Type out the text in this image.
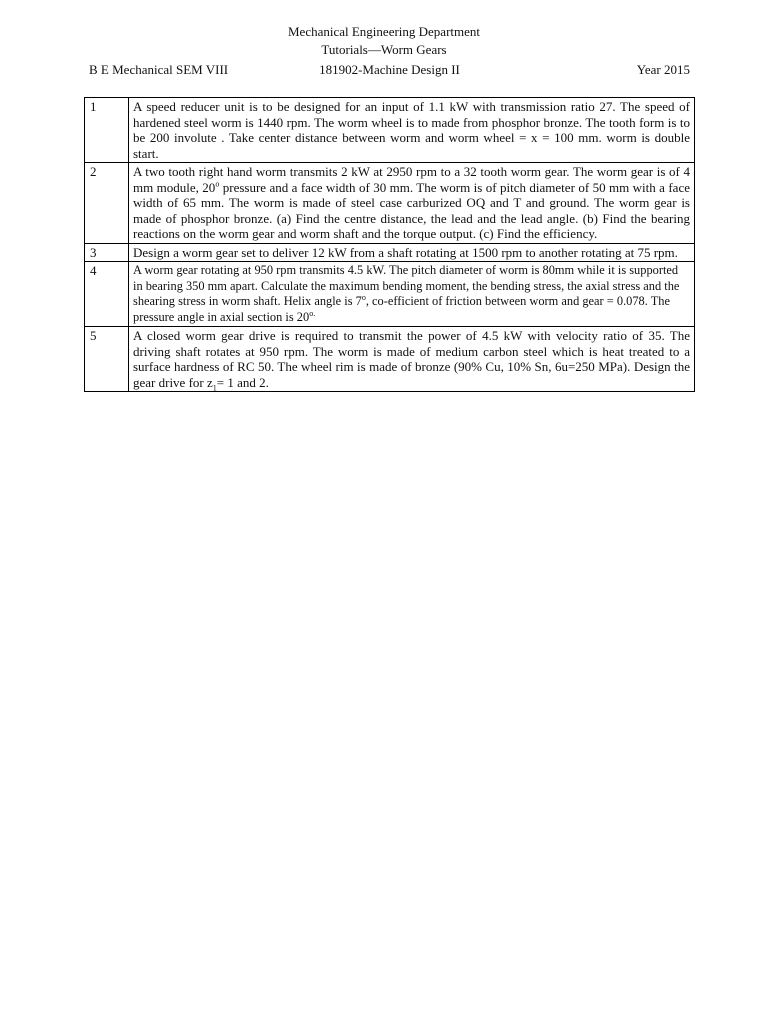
Mechanical Engineering Department
Tutorials—Worm Gears
B E Mechanical SEM VIII	181902-Machine Design II	Year 2015
1	A speed reducer unit is to be designed for an input of 1.1 kW with transmission ratio 27. The speed of hardened steel worm is 1440 rpm. The worm wheel is to made from phosphor bronze. The tooth form is to be 200 involute . Take center distance between worm and worm wheel = x = 100 mm. worm is double start.
2	A two tooth right hand worm transmits 2 kW at 2950 rpm to a 32 tooth worm gear. The worm gear is of 4 mm module, 20$^o$ pressure and a face width of 30 mm. The worm is of pitch diameter of 50 mm with a face width of 65 mm. The worm is made of steel case carburized OQ and T and ground. The worm gear is made of phosphor bronze. (a) Find the centre distance, the lead and the lead angle. (b) Find the bearing reactions on the worm gear and worm shaft and the torque output. (c) Find the efficiency.
3	Design a worm gear set to deliver 12 kW from a shaft rotating at 1500 rpm to another rotating at 75 rpm.
4	A worm gear rotating at 950 rpm transmits 4.5 kW. The pitch diameter of worm is 80mm while it is supported in bearing 350 mm apart. Calculate the maximum bending moment, the bending stress, the axial stress and the shearing stress in worm shaft. Helix angle is 7$^o$, co-efficient of friction between worm and gear = 0.078. The pressure angle in axial section is $20^{o.}$
5	A closed worm gear drive is required to transmit the power of 4.5 kW with velocity ratio of 35. The driving shaft rotates at 950 rpm. The worm is made of medium carbon steel which is heat treated to a surface hardness of RC 50. The wheel rim is made of bronze (90% Cu, 10% Sn, 6u=250 MPa). Design the gear drive for $z_1= 1$ and 2.
